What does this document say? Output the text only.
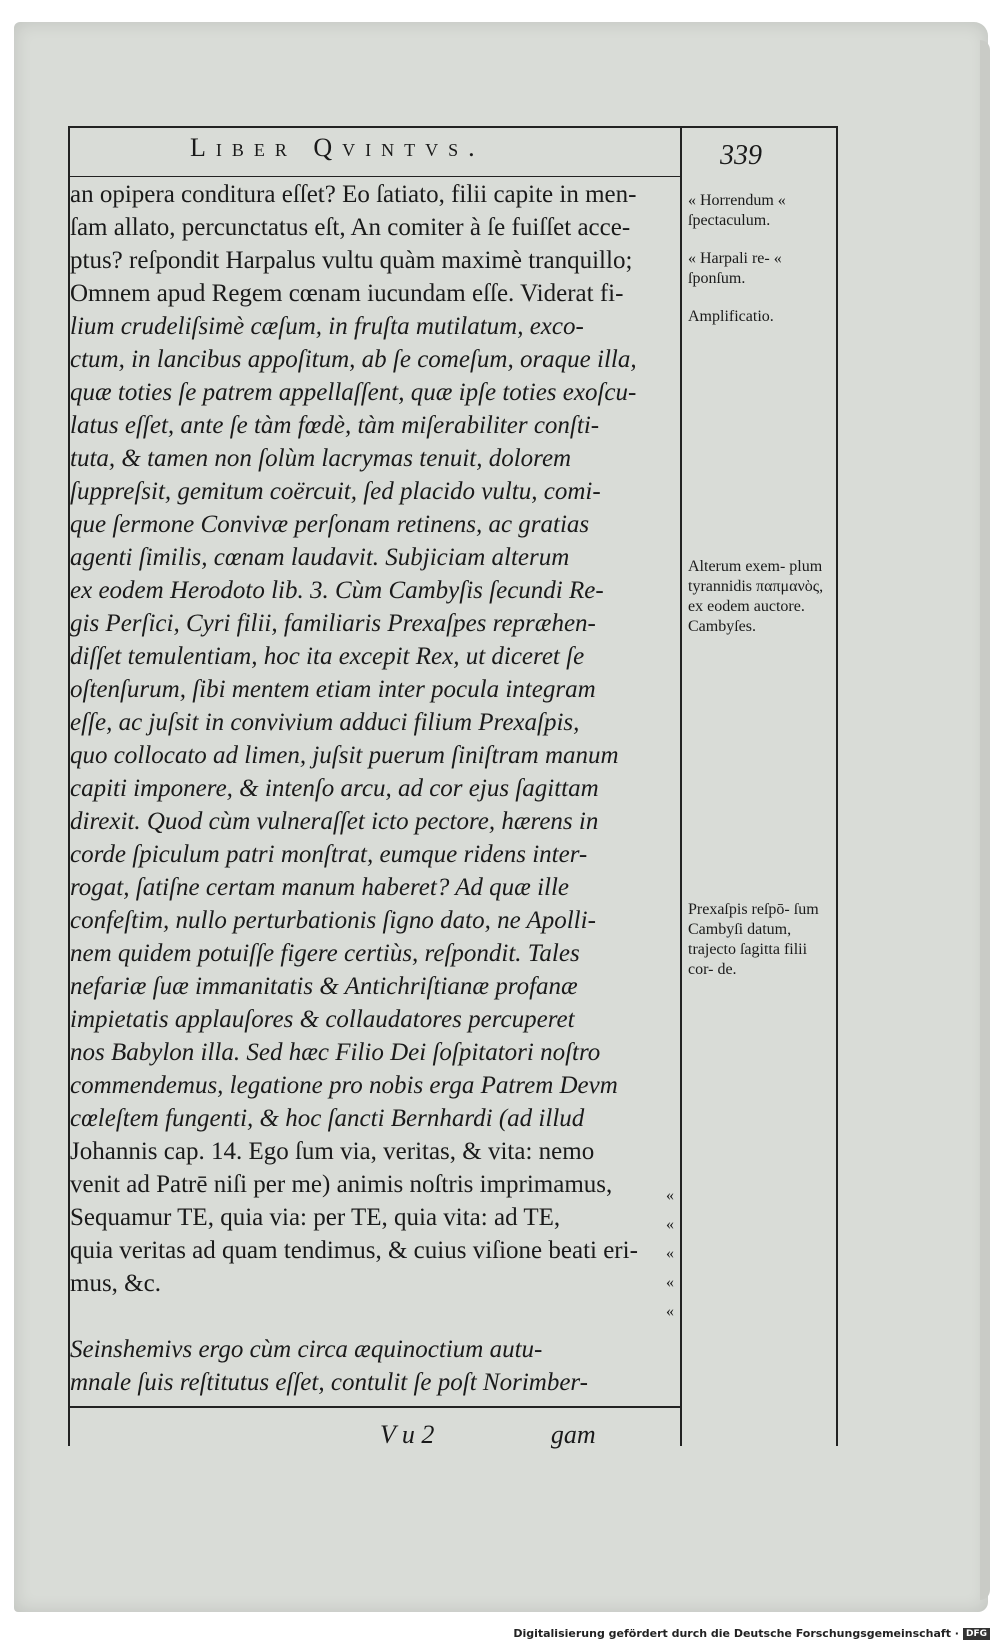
Liber Qvintvs.	339
an opipera conditura eſſet? Eo ſatiato, filii capite in men-
ſam allato, percunctatus eſt, An comiter à ſe fuiſſet acce-
ptus? reſpondit Harpalus vultu quàm maximè tranquillo;
Omnem apud Regem cœnam iucundam eſſe. Viderat fi-
lium crudeliſsimè cæſum, in fruſta mutilatum, exco-
ctum, in lancibus appoſitum, ab ſe comeſum, oraque illa,
quæ toties ſe patrem appellaſſent, quæ ipſe toties exoſcu-
latus eſſet, ante ſe tàm fœdè, tàm miſerabiliter conſti-
tuta, & tamen non ſolùm lacrymas tenuit, dolorem
ſuppreſsit, gemitum coërcuit, ſed placido vultu, comi-
que ſermone Convivæ perſonam retinens, ac gratias
agenti ſimilis, cœnam laudavit. Subjiciam alterum
ex eodem Herodoto lib. 3. Cùm Cambyſis ſecundi Re-
gis Perſici, Cyri filii, familiaris Prexaſpes repræhen-
diſſet temulentiam, hoc ita excepit Rex, ut diceret ſe
oſtenſurum, ſibi mentem etiam inter pocula integram
eſſe, ac juſsit in convivium adduci filium Prexaſpis,
quo collocato ad limen, juſsit puerum ſiniſtram manum
capiti imponere, & intenſo arcu, ad cor ejus ſagittam
direxit. Quod cùm vulneraſſet icto pectore, hærens in
corde ſpiculum patri monſtrat, eumque ridens inter-
rogat, ſatiſne certam manum haberet? Ad quæ ille
confeſtim, nullo perturbationis ſigno dato, ne Apolli-
nem quidem potuiſſe figere certiùs, reſpondit. Tales
nefariæ ſuæ immanitatis & Antichriſtianæ profanæ
impietatis applauſores & collaudatores percuperet
nos Babylon illa. Sed hæc Filio Dei ſoſpitatori noſtro
commendemus, legatione pro nobis erga Patrem Devm
cœleſtem fungenti, & hoc ſancti Bernhardi (ad illud
Johannis cap. 14. Ego ſum via, veritas, & vita: nemo
venit ad Patrē niſi per me) animis noſtris imprimamus,
Sequamur TE, quia via: per TE, quia vita: ad TE,
quia veritas ad quam tendimus, & cuius viſione beati eri-
mus, &c.

Seinshemivs ergo cùm circa æquinoctium autu-
mnale ſuis reſtitutus eſſet, contulit ſe poſt Norimber-
« Horrendum « ſpectaculum.
« Harpali re- « ſponſum.
Amplificatio.
Alterum exem- plum tyrannidis παπμανὸς, ex eodem auctore. Cambyſes.
Prexaſpis reſpō- ſum Cambyſi datum, trajecto ſagitta filii cor- de.
«
«
«
«
«
V u 2	gam
Digitalisierung gefördert durch die Deutsche Forschungsgemeinschaft · DFG
